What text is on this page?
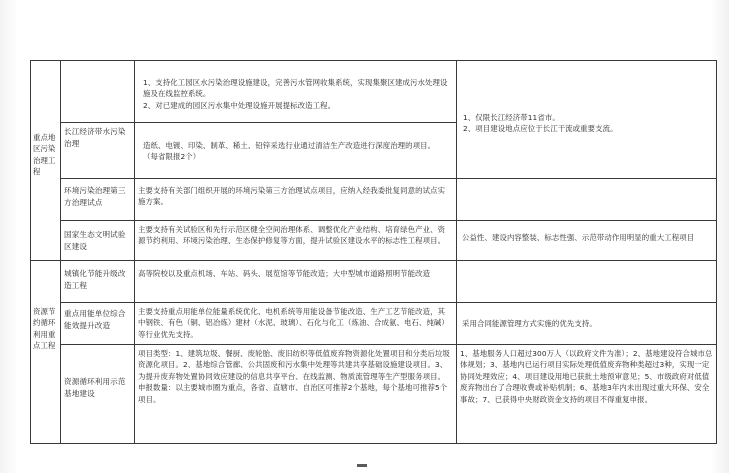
重点地区污染治理工程
长江经济带水污染治理
1、支持化工园区水污染治理设施建设，完善污水管网收集系统，实现集聚区建成污水处理设施及在线监控系统。
2、对已建成的园区污水集中处理设施开展提标改造工程。
造纸、电镀、印染、制革、稀土、铅锌采选行业通过清洁生产改造进行深度治理的项目。（每省限报2个）
1、仅限长江经济带11省市。
2、项目建设地点应位于长江干流或重要支流。
环境污染治理第三方治理试点
主要支持有关部门组织开展的环境污染第三方治理试点项目，应纳入经我委批复同意的试点实施方案。
国家生态文明试验区建设
主要支持有关试验区和先行示范区健全空间治理体系、调整优化产业结构、培育绿色产业、资源节约利用、环境污染治理、生态保护修复等方面，提升试验区建设水平的标志性工程项目。	公益性、建设内容整装、标志性强、示范带动作用明显的重大工程项目
资源节约循环利用重点工程
城镇化节能升级改造工程
高等院校以及重点机场、车站、码头、展览馆等节能改造；大中型城市道路照明节能改造
重点用能单位综合能效提升改造
主要支持重点用能单位能量系统优化、电机系统等用能设备节能改造、生产工艺节能改造，其中钢铁、有色（铜、铝冶炼）建材（水泥、玻璃）、石化与化工（炼油、合成氨、电石、纯碱）等行业优先支持。
采用合同能源管理方式实施的优先支持。
资源循环利用示范基地建设
项目类型：1、建筑垃圾、餐厨、废轮胎、废旧纺织等低值废弃物资源化处置项目和分类后垃圾资源化项目。2、基地综合管廊、公共固废和污水集中处理等共建共享基础设施建设项目。3、为提升废弃物处置协同效应建设的信息共享平台、在线监测、物质流管理等生产型服务项目。
申报数量：以主要城市圈为重点，各省、直辖市、自治区可推荐2个基地，每个基地可推荐5个项目。
1、基地服务人口超过300万人（以政府文件为准）；2、基地建设符合城市总体规划；3、基地内已运行项目实际处理低值废弃物种类超过3种，实现一定协同处理效应；4、项目建设用地已获批土地预审意见；5、市级政府对低值废弃物出台了合理收费或补贴机制；6、基地3年内未出现过重大环保、安全事故；7、已获得中央财政资金支持的项目不得重复申报。
